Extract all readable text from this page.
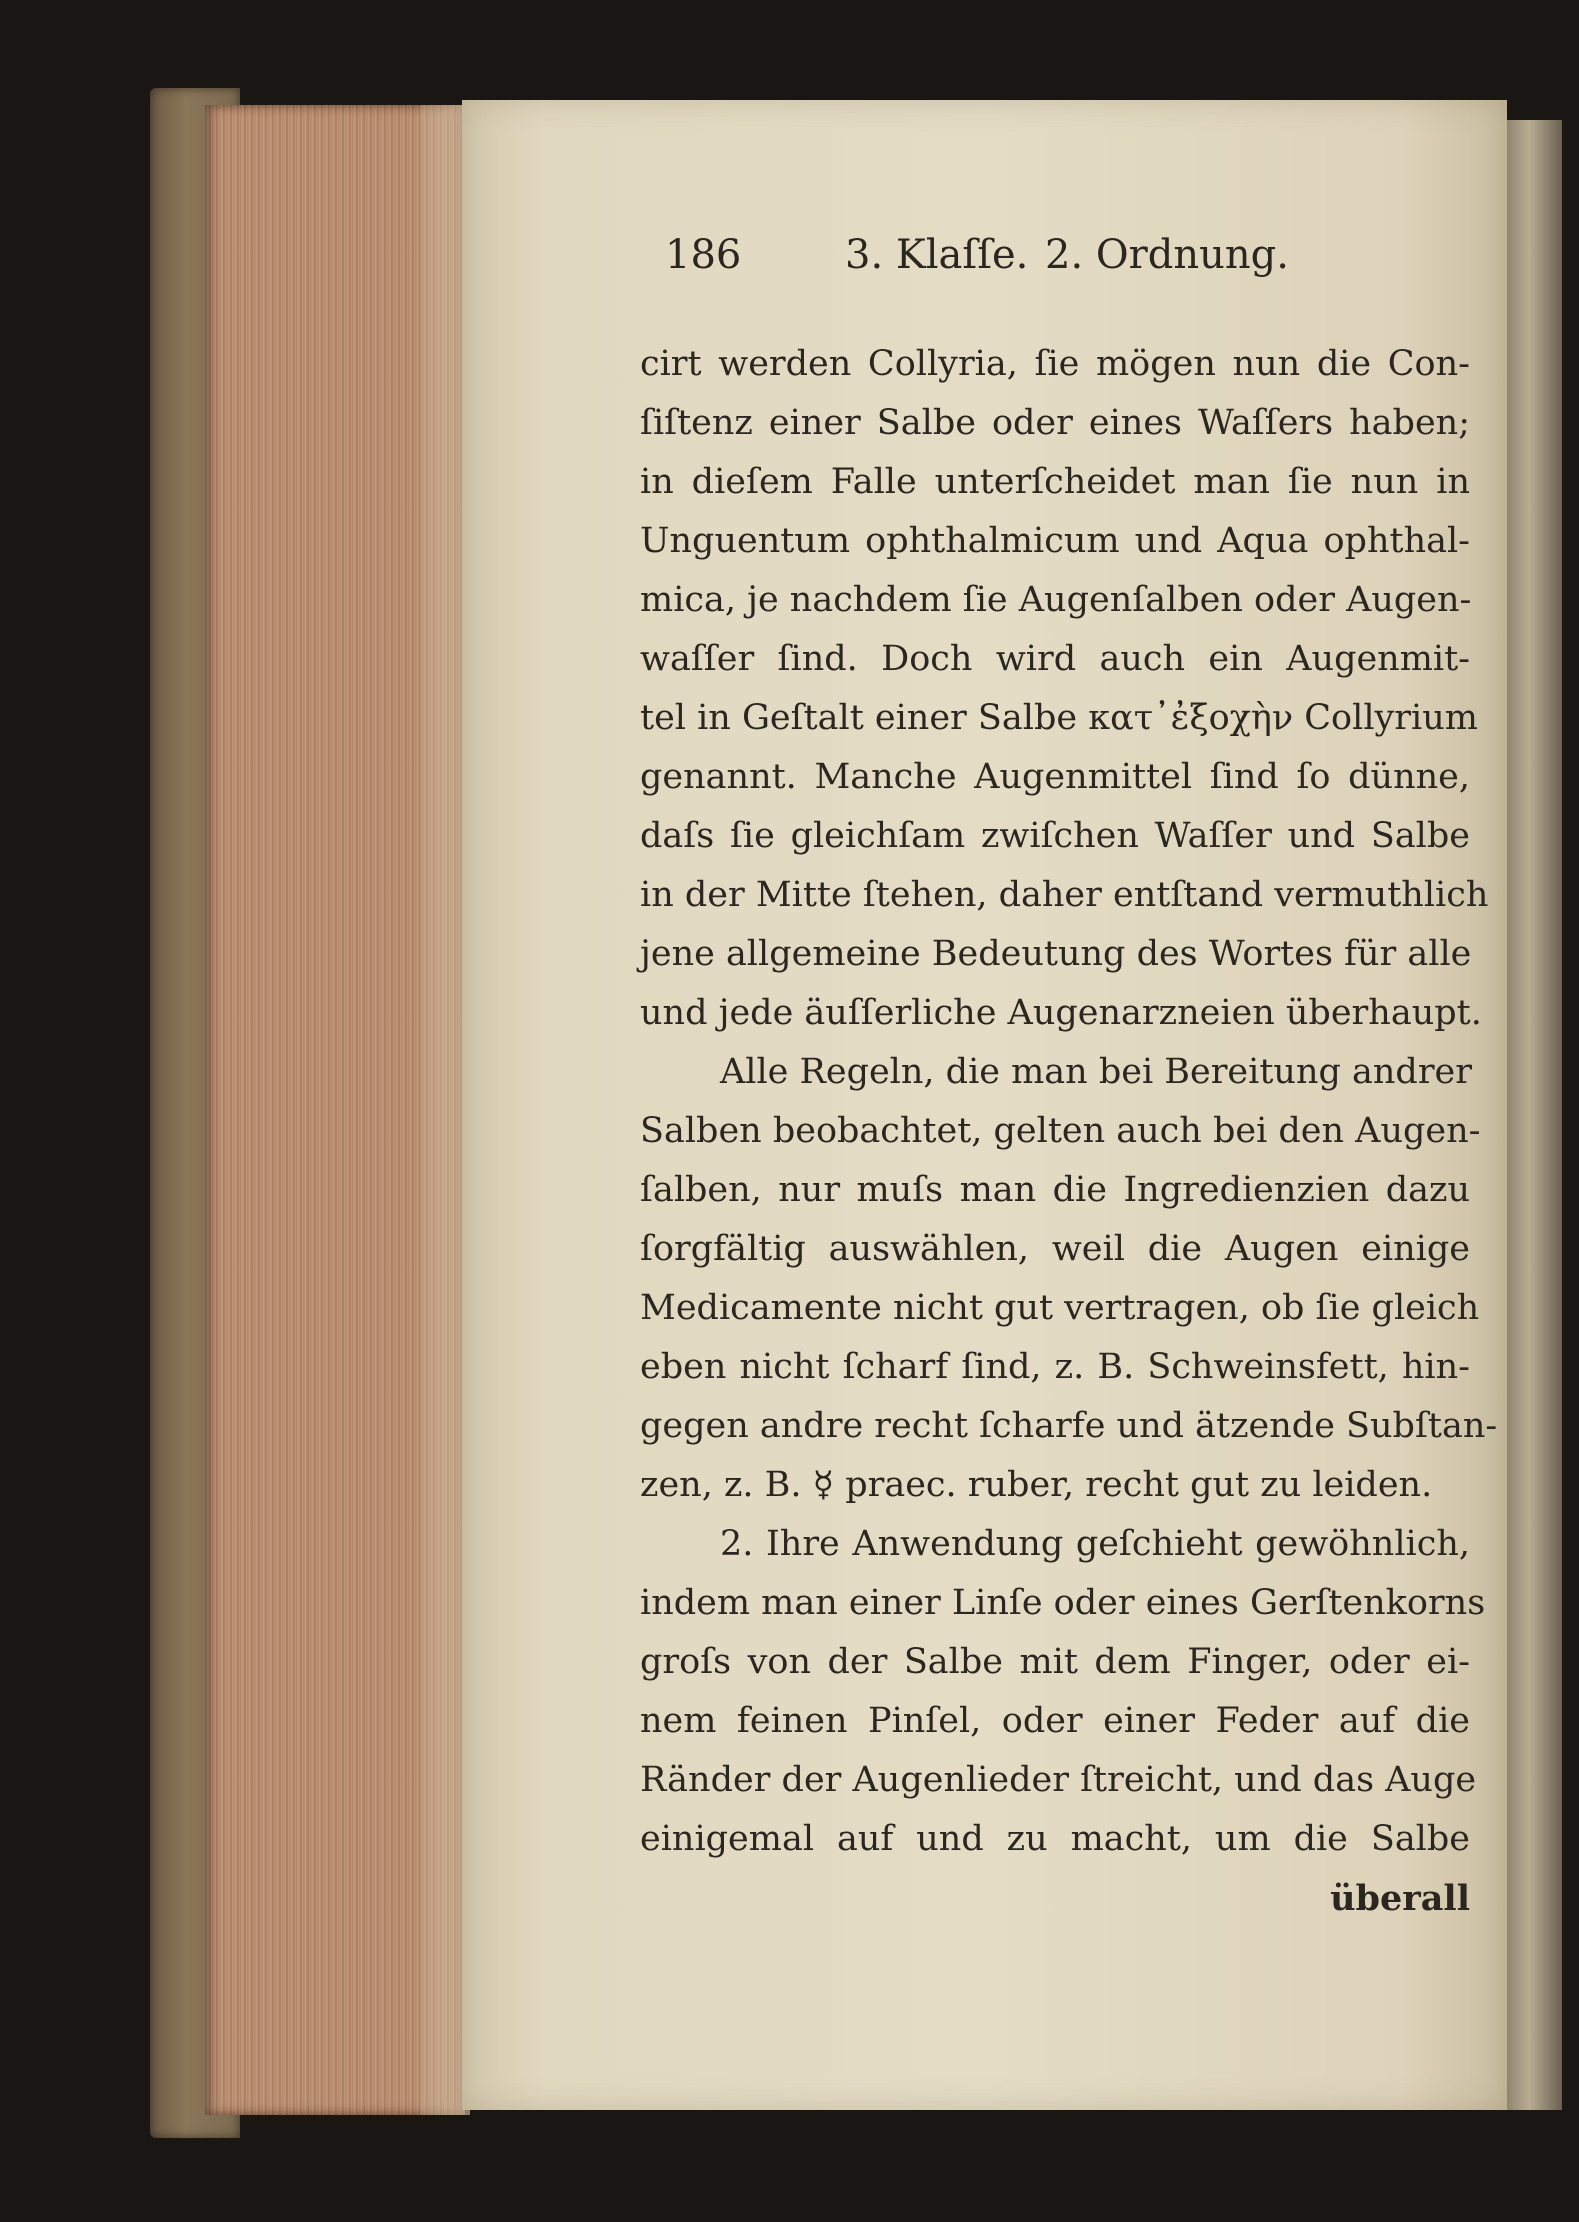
186	3. Klaſſe. 2. Ordnung.
cirt werden Collyria, ſie mögen nun die Con-
ſiſtenz einer Salbe oder eines Waſſers haben;
in dieſem Falle unterſcheidet man ſie nun in
Unguentum ophthalmicum und Aqua ophthal-
mica, je nachdem ſie Augenſalben oder Augen-
waſſer ſind. Doch wird auch ein Augenmit-
tel in Geſtalt einer Salbe κατ᾽ἐξοχὴν Collyrium
genannt. Manche Augenmittel ſind ſo dünne,
daſs ſie gleichſam zwiſchen Waſſer und Salbe
in der Mitte ſtehen, daher entſtand vermuthlich
jene allgemeine Bedeutung des Wortes für alle
und jede äuſſerliche Augenarzneien überhaupt.
Alle Regeln, die man bei Bereitung andrer
Salben beobachtet, gelten auch bei den Augen-
ſalben, nur muſs man die Ingredienzien dazu
ſorgfältig auswählen, weil die Augen einige
Medicamente nicht gut vertragen, ob ſie gleich
eben nicht ſcharf ſind, z. B. Schweinsfett, hin-
gegen andre recht ſcharfe und ätzende Subſtan-
zen, z. B. ☿ praec. ruber, recht gut zu leiden.
2. Ihre Anwendung geſchieht gewöhnlich,
indem man einer Linſe oder eines Gerſtenkorns
groſs von der Salbe mit dem Finger, oder ei-
nem feinen Pinſel, oder einer Feder auf die
Ränder der Augenlieder ſtreicht, und das Auge
einigemal auf und zu macht, um die Salbe
überall
